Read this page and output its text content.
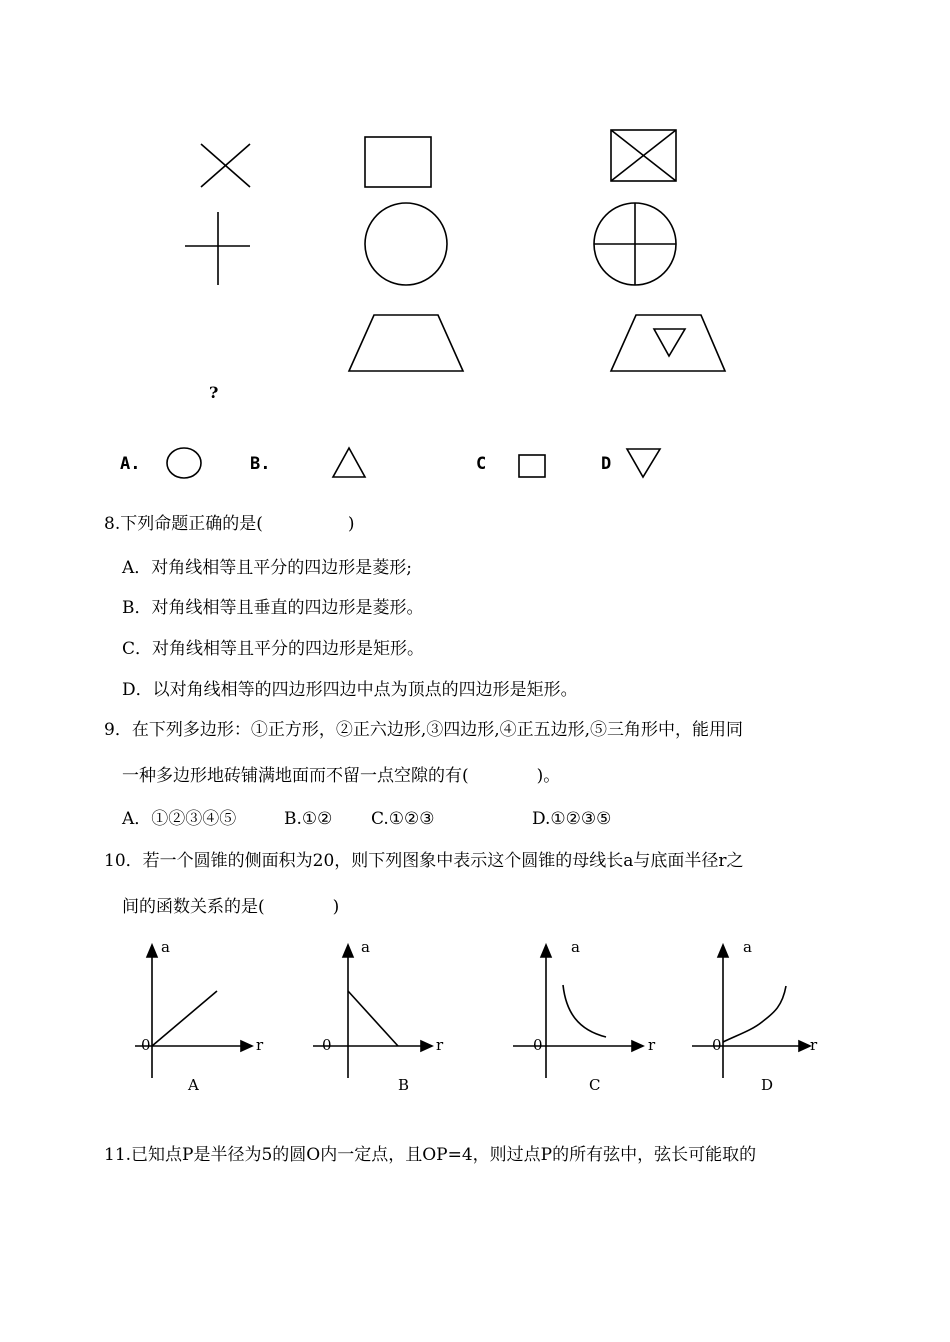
?
A.	B.	C	D
8.下列命题正确的是(　　　　　)
A．对角线相等且平分的四边形是菱形;
B．对角线相等且垂直的四边形是菱形。
C．对角线相等且平分的四边形是矩形。
D．以对角线相等的四边形四边中点为顶点的四边形是矩形。
9．在下列多边形：①正方形，②正六边形,③四边形,④正五边形,⑤三角形中，能用同
一种多边形地砖铺满地面而不留一点空隙的有(　　　　)。
A．①②③④⑤	B.①② C.①②③	D.①②③⑤
10．若一个圆锥的侧面积为20，则下列图象中表示这个圆锥的母线长a与底面半径r之
间的函数关系的是(　　　　)
a
r
0
A
a
r
0
B
a
r
0
C
a
r
0
D
11.已知点P是半径为5的圆O内一定点，且OP=4，则过点P的所有弦中，弦长可能取的
